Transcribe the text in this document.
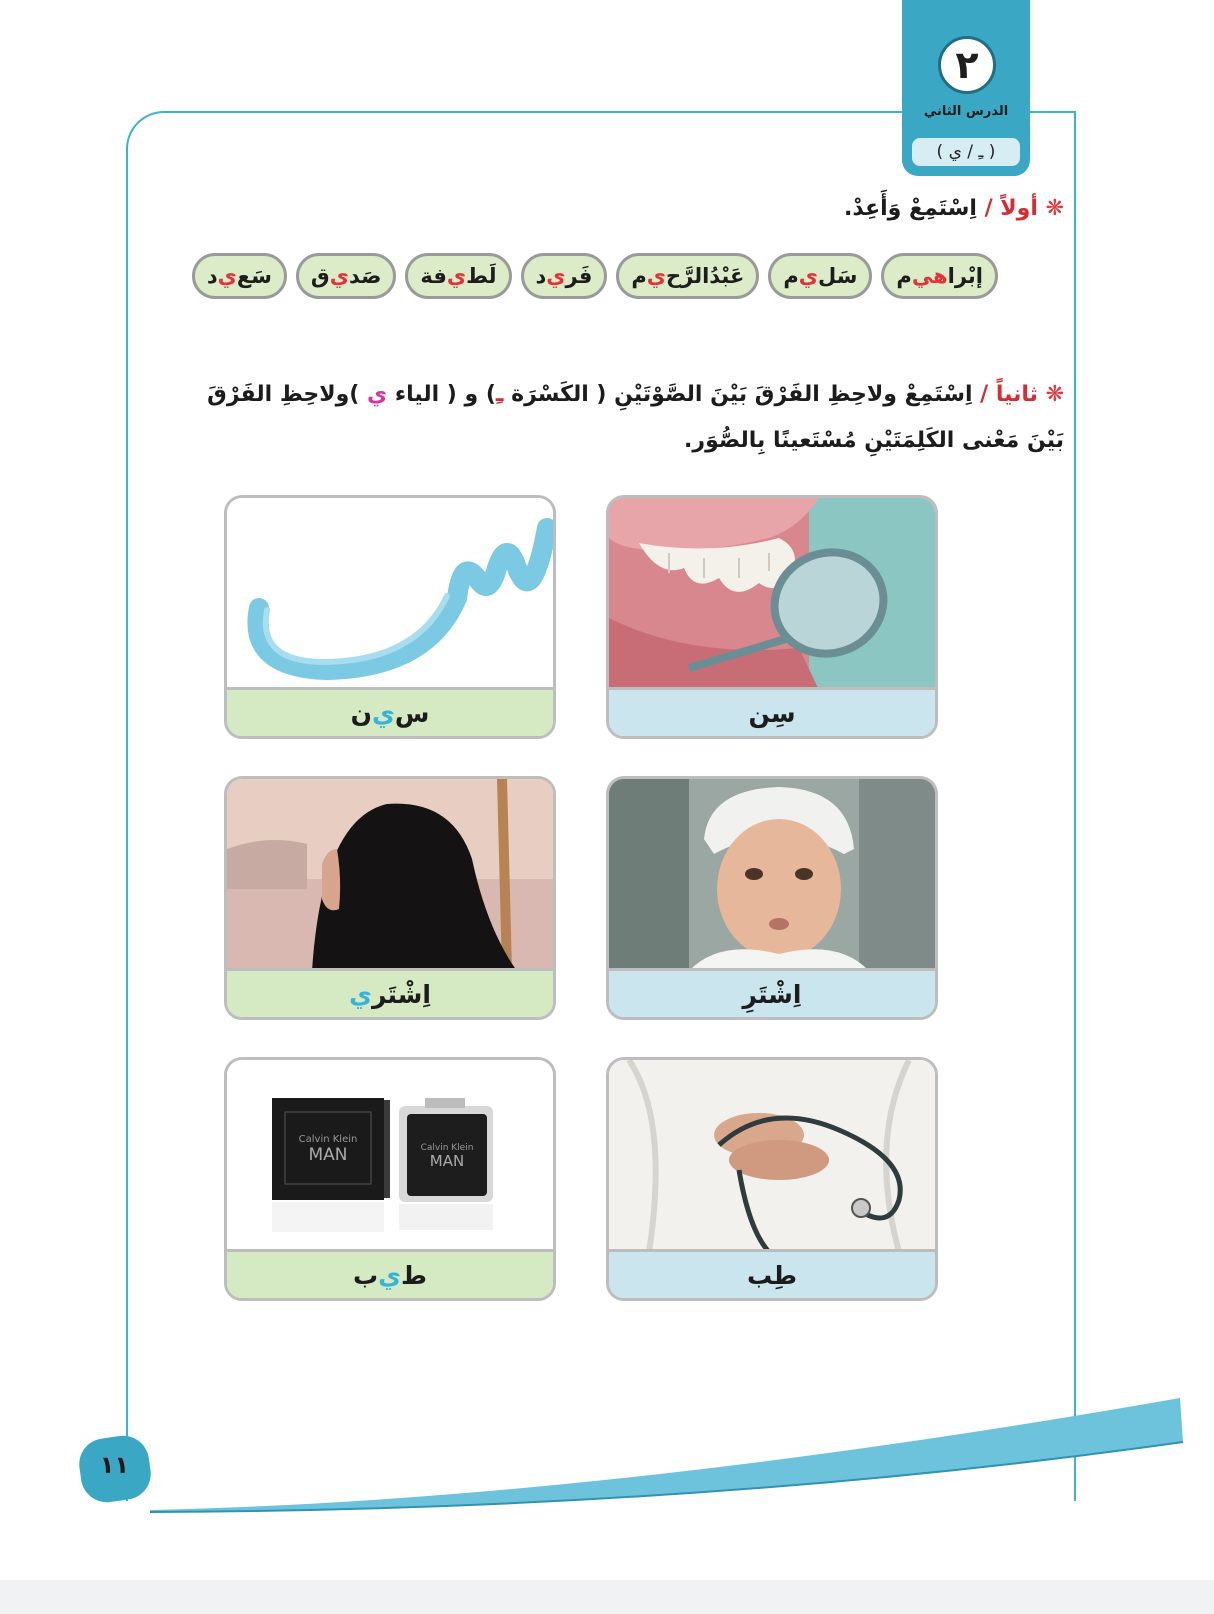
٢
الدرس الثاني
( ـِ / ي )
❋ أولاً / اِسْتَمِعْ وَأَعِدْ.
إبْرا
هي
م
سَل
ي
م
عَبْدُالرَّح
ي
م
فَر
ي
د
لَط
ي
فة
صَد
ي
ق
سَع
ي
د
❋ ثانياً / اِسْتَمِعْ ولاحِظِ الفَرْقَ بَيْنَ الصَّوْتَيْنِ ( الكَسْرَة ـِ) و ( الياء ي )ولاحِظِ الفَرْقَ بَيْنَ مَعْنى الكَلِمَتَيْنِ مُسْتَعينًا بِالصُّوَر.
سِن
س
ي
ن
اِشْتَرِ
اِشْتَر
ي
طِب
Calvin Klein
MAN	Calvin Klein
MAN
ط
ي
ب
١١
